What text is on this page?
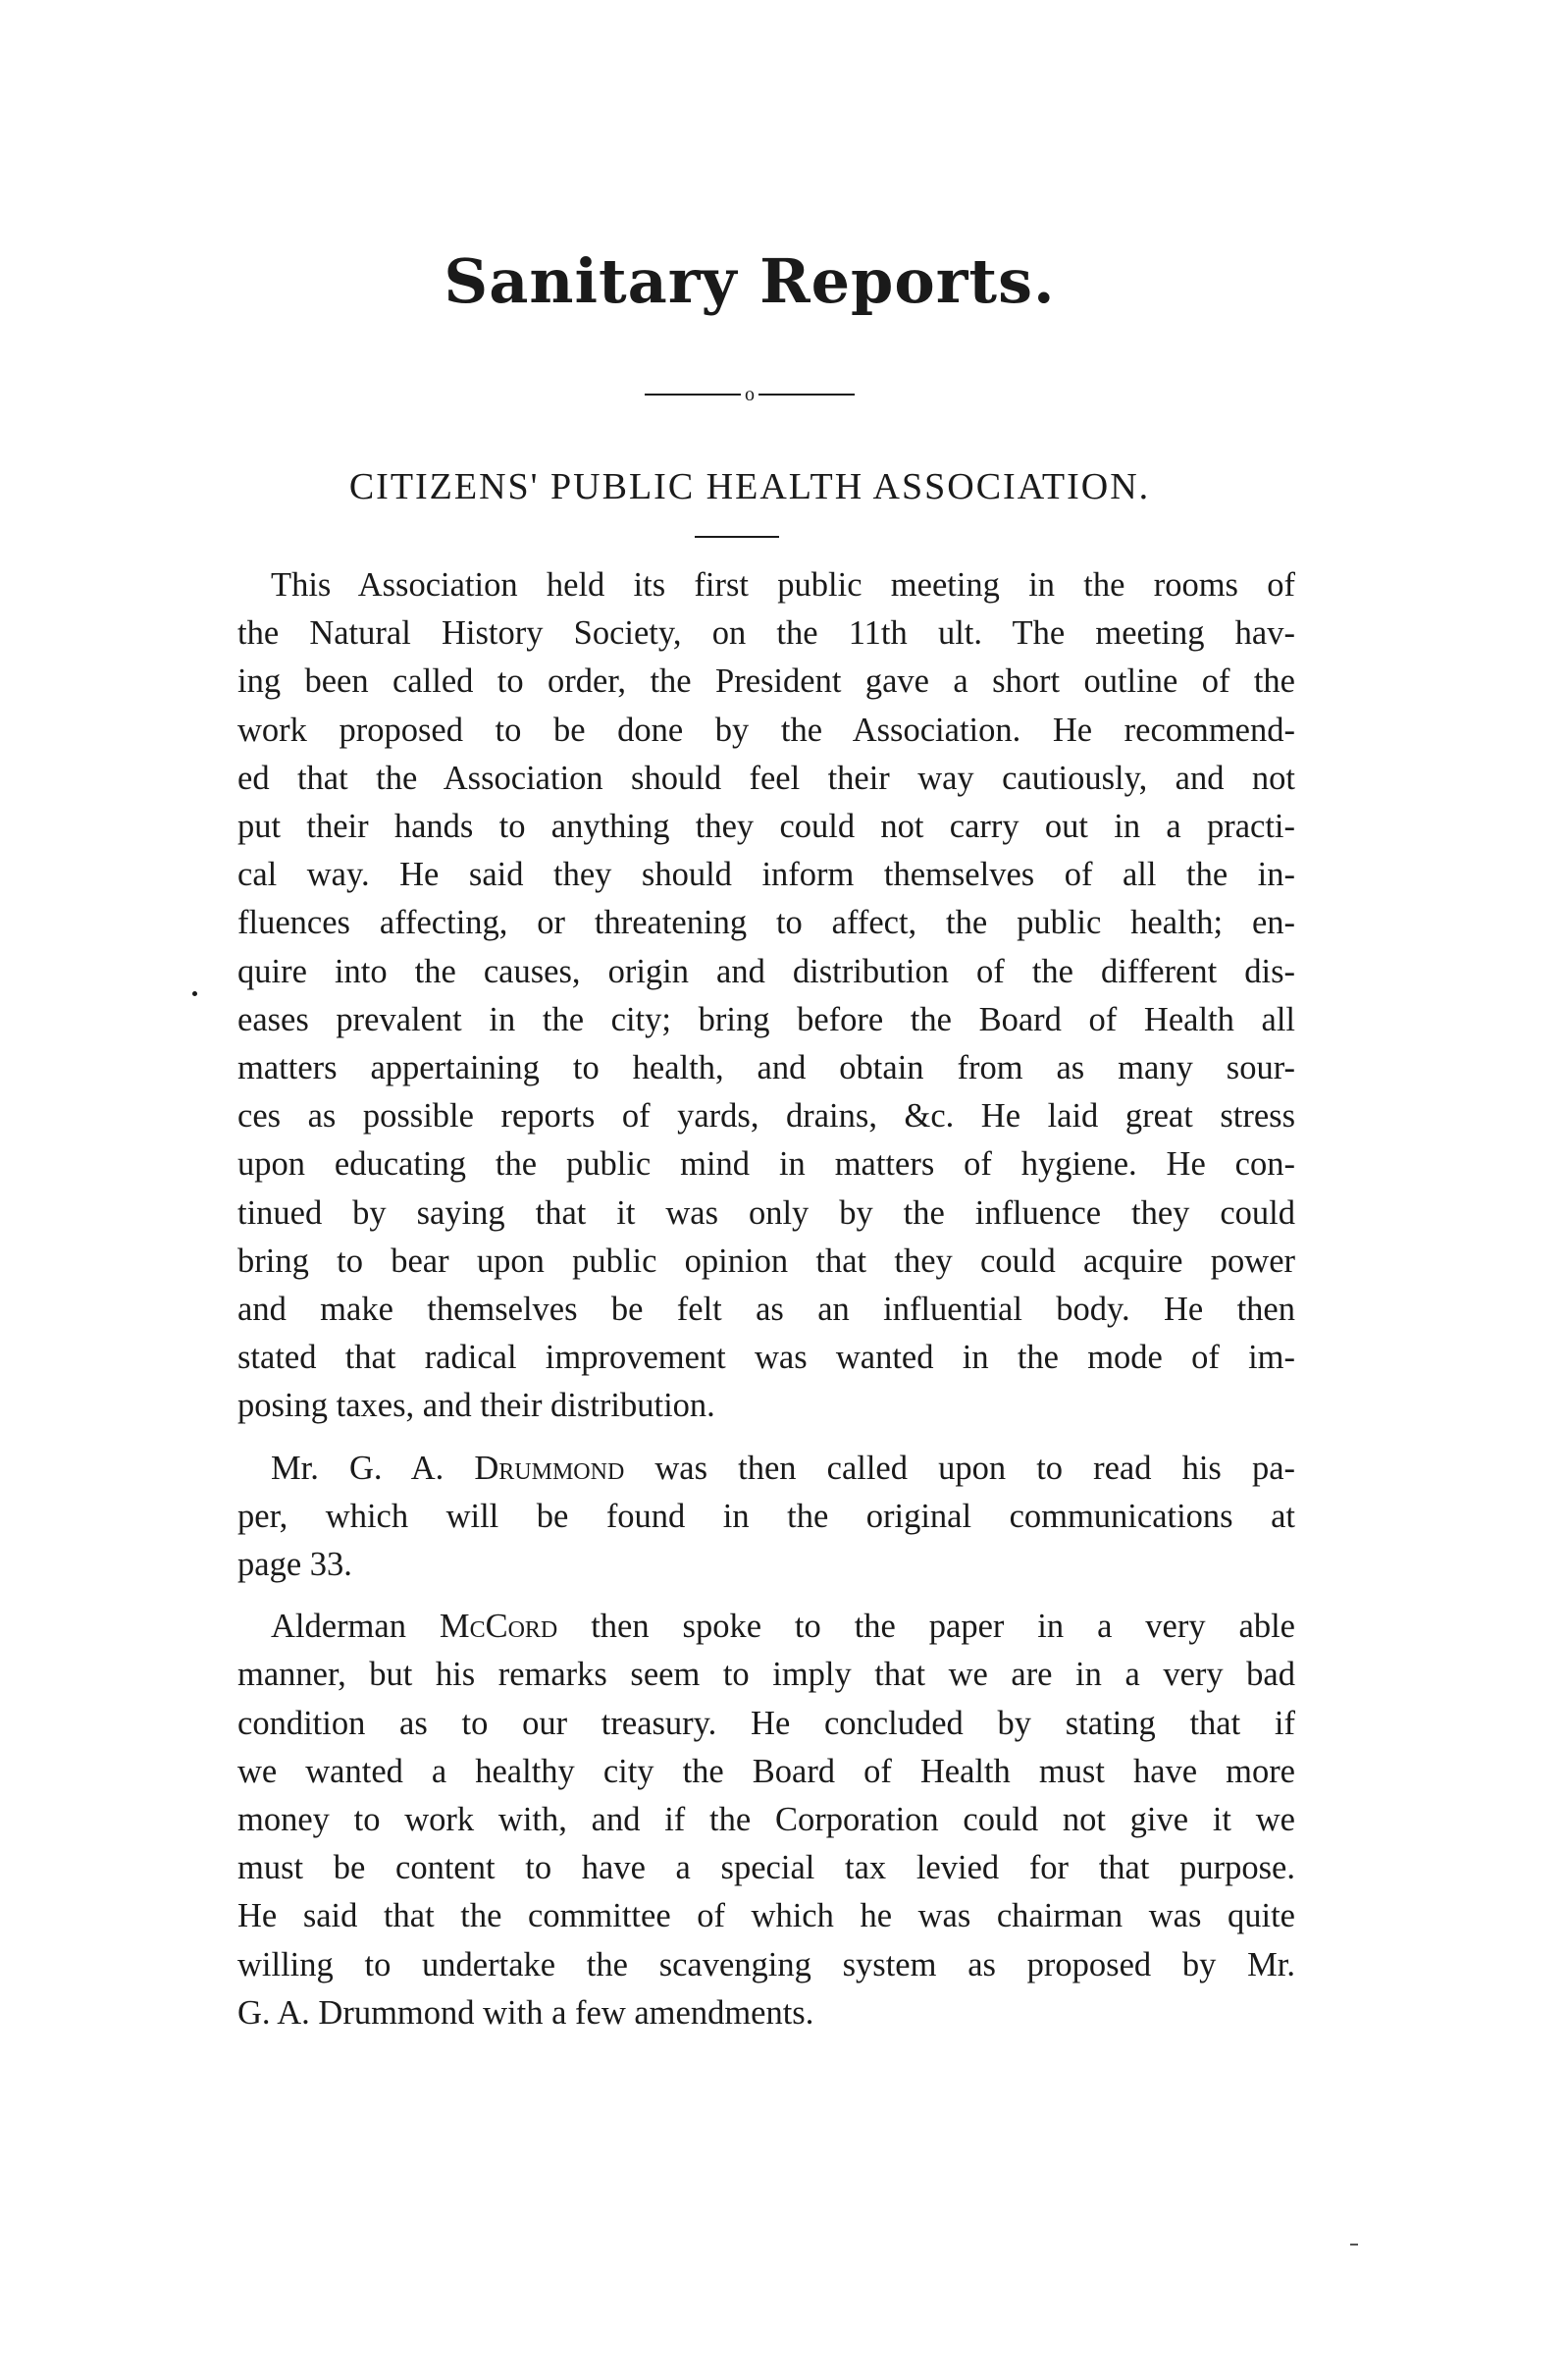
Sanitary Reports.
o
CITIZENS' PUBLIC HEALTH ASSOCIATION.

This Association held its first public meeting in the rooms of
the Natural History Society, on the 11th ult. The meeting hav-
ing been called to order, the President gave a short outline of the
work proposed to be done by the Association. He recommend-
ed that the Association should feel their way cautiously, and not
put their hands to anything they could not carry out in a practi-
cal way. He said they should inform themselves of all the in-
fluences affecting, or threatening to affect, the public health; en-
quire into the causes, origin and distribution of the different dis-
eases prevalent in the city; bring before the Board of Health all
matters appertaining to health, and obtain from as many sour-
ces as possible reports of yards, drains, &c. He laid great stress
upon educating the public mind in matters of hygiene. He con-
tinued by saying that it was only by the influence they could
bring to bear upon public opinion that they could acquire power
and make themselves be felt as an influential body. He then
stated that radical improvement was wanted in the mode of im-
posing taxes, and their distribution.

Mr. G. A. Drummond was then called upon to read his pa-
per, which will be found in the original communications at
page 33.

Alderman McCord then spoke to the paper in a very able
manner, but his remarks seem to imply that we are in a very bad
condition as to our treasury. He concluded by stating that if
we wanted a healthy city the Board of Health must have more
money to work with, and if the Corporation could not give it we
must be content to have a special tax levied for that purpose.
He said that the committee of which he was chairman was quite
willing to undertake the scavenging system as proposed by Mr.
G. A. Drummond with a few amendments.
